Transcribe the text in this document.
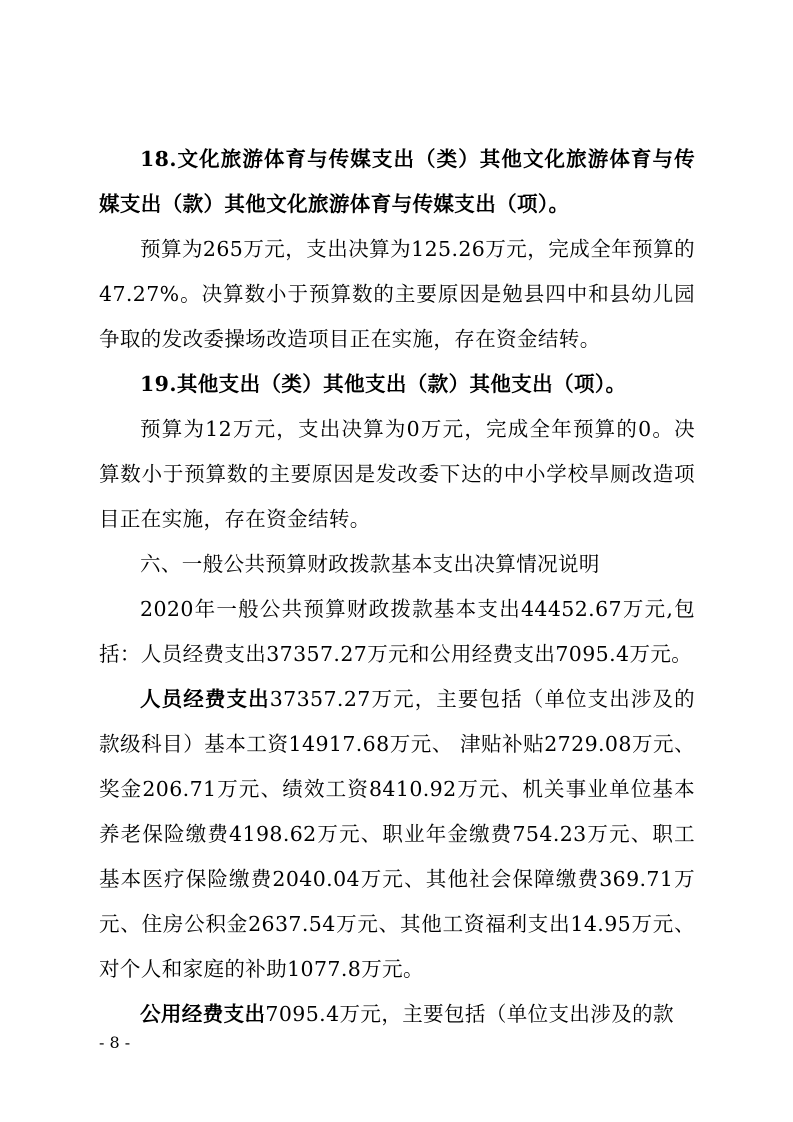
18.文化旅游体育与传媒支出（类）其他文化旅游体育与传媒支出（款）其他文化旅游体育与传媒支出（项）。

预算为265万元，支出决算为125.26万元，完成全年预算的47.27%。决算数小于预算数的主要原因是勉县四中和县幼儿园争取的发改委操场改造项目正在实施，存在资金结转。

19.其他支出（类）其他支出（款）其他支出（项）。

预算为12万元，支出决算为0万元，完成全年预算的0。决算数小于预算数的主要原因是发改委下达的中小学校旱厕改造项目正在实施，存在资金结转。

六、一般公共预算财政拨款基本支出决算情况说明

2020年一般公共预算财政拨款基本支出44452.67万元,包括：人员经费支出37357.27万元和公用经费支出7095.4万元。

人员经费支出37357.27万元，主要包括（单位支出涉及的款级科目）基本工资14917.68万元、 津贴补贴2729.08万元、奖金206.71万元、绩效工资8410.92万元、机关事业单位基本养老保险缴费4198.62万元、职业年金缴费754.23万元、职工基本医疗保险缴费2040.04万元、其他社会保障缴费369.71万元、住房公积金2637.54万元、其他工资福利支出14.95万元、对个人和家庭的补助1077.8万元。

公用经费支出7095.4万元，主要包括（单位支出涉及的款

- 8 -
